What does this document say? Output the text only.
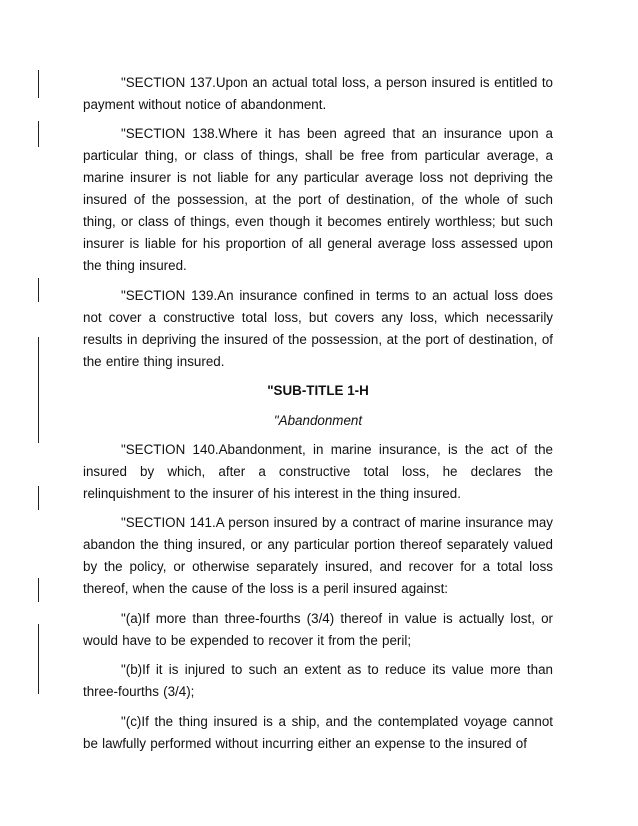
"SECTION 137.Upon an actual total loss, a person insured is entitled to payment without notice of abandonment.

"SECTION 138.Where it has been agreed that an insurance upon a particular thing, or class of things, shall be free from particular average, a marine insurer is not liable for any particular average loss not depriving the insured of the possession, at the port of destination, of the whole of such thing, or class of things, even though it becomes entirely worthless; but such insurer is liable for his proportion of all general average loss assessed upon the thing insured.

"SECTION 139.An insurance confined in terms to an actual loss does not cover a constructive total loss, but covers any loss, which necessarily results in depriving the insured of the possession, at the port of destination, of the entire thing insured.

"SUB-TITLE 1-H

"Abandonment

"SECTION 140.Abandonment, in marine insurance, is the act of the insured by which, after a constructive total loss, he declares the relinquishment to the insurer of his interest in the thing insured.

"SECTION 141.A person insured by a contract of marine insurance may abandon the thing insured, or any particular portion thereof separately valued by the policy, or otherwise separately insured, and recover for a total loss thereof, when the cause of the loss is a peril insured against:

"(a)If more than three-fourths (3/4) thereof in value is actually lost, or would have to be expended to recover it from the peril;

"(b)If it is injured to such an extent as to reduce its value more than three-fourths (3/4);

"(c)If the thing insured is a ship, and the contemplated voyage cannot be lawfully performed without incurring either an expense to the insured of
